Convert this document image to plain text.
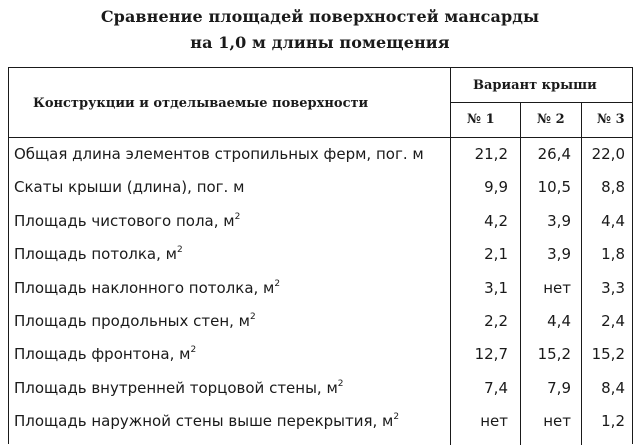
Сравнение площадей поверхностей мансарды
на 1,0 м длины помещения
Конструкции и отделываемые поверхности
Вариант крыши
№ 1	№ 2 № 3
Общая длина элементов стропильных ферм, пог. м	21,2 26,4 22,0
Скаты крыши (длина), пог. м	9,9 10,5 8,8
Площадь чистового пола, $м^2$	4,2	3,9 4,4
Площадь потолка, $м^2$	2,1	3,9 1,8
Площадь наклонного потолка, $м^2$	3,1 нет 3,3
Площадь продольных стен, $м^2$	2,2	4,4 2,4
Площадь фронтона, $м^2$	12,7 15,2 15,2
Площадь внутренней торцовой стены, $м^2$	7,4	7,9 8,4
Площадь наружной стены выше перекрытия, $м^2$	нет нет 1,2
